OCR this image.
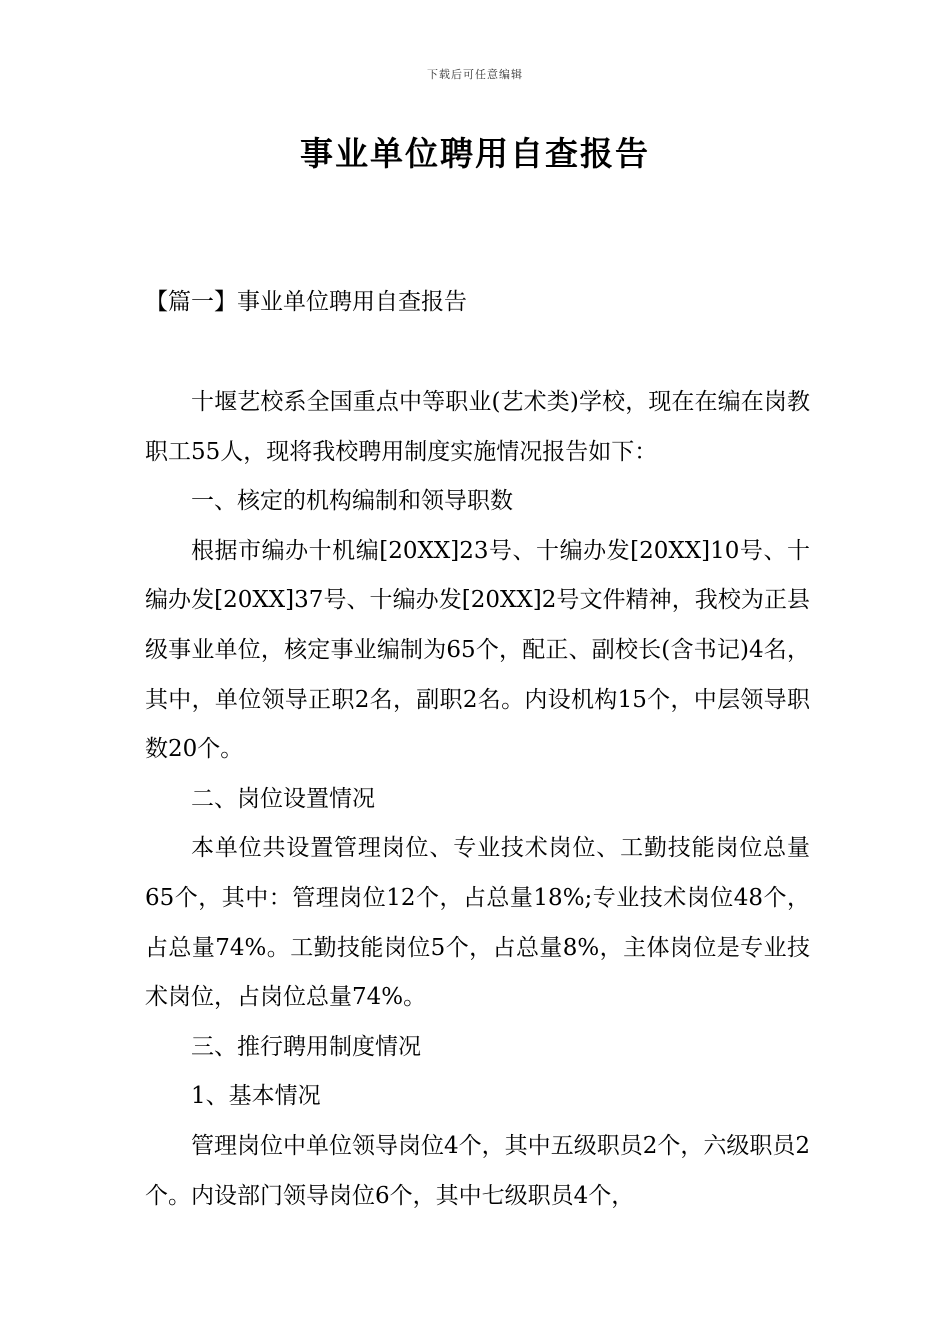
下载后可任意编辑
事业单位聘用自查报告
【篇一】事业单位聘用自查报告

十堰艺校系全国重点中等职业(艺术类)学校，现在在编在岗教职工55人，现将我校聘用制度实施情况报告如下：

一、核定的机构编制和领导职数

根据市编办十机编[20XX]23号、十编办发[20XX]10号、十编办发[20XX]37号、十编办发[20XX]2号文件精神，我校为正县级事业单位，核定事业编制为65个，配正、副校长(含书记)4名，其中，单位领导正职2名，副职2名。内设机构15个，中层领导职数20个。

二、岗位设置情况

本单位共设置管理岗位、专业技术岗位、工勤技能岗位总量65个，其中：管理岗位12个，占总量18%;专业技术岗位48个，占总量74%。工勤技能岗位5个，占总量8%，主体岗位是专业技术岗位，占岗位总量74%。

三、推行聘用制度情况

1、基本情况

管理岗位中单位领导岗位4个，其中五级职员2个，六级职员2个。内设部门领导岗位6个，其中七级职员4个，
